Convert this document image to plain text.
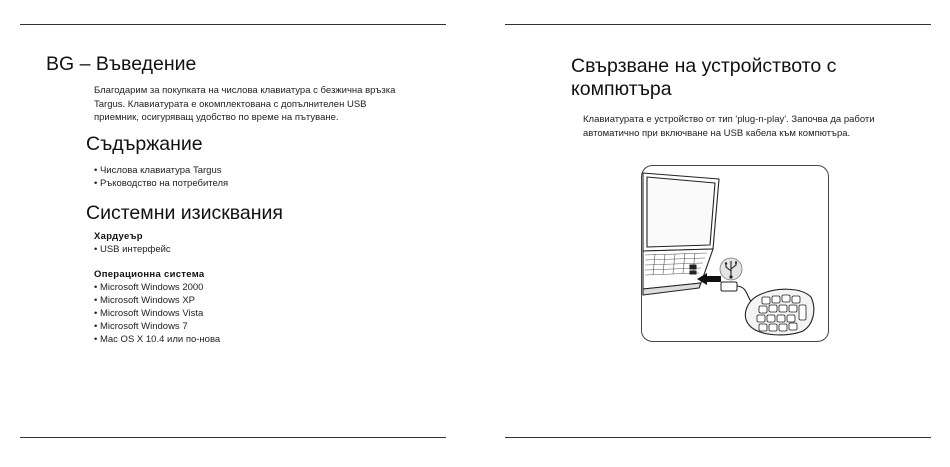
BG – Въведение

Благодарим за покупката на числова клавиатура с безжична връзка
Targus. Клавиатурата е окомплектована с допълнителен USB
приемник, осигуряващ удобство по време на пътуване.

Съдържание
• Числова клавиатура Targus
• Ръководство на потребителя
Системни изисквания

Хардуеър

• USB интерфейс

Операционна система

• Microsoft Windows 2000
• Microsoft Windows XP
• Microsoft Windows Vista
• Microsoft Windows 7
• Mac OS X 10.4 или по-нова
Свързване на устройството с
компютъра

Клавиатурата е устройство от тип 'plug-n-play'. Започва да работи
автоматично при включване на USB кабела към компютъра.
